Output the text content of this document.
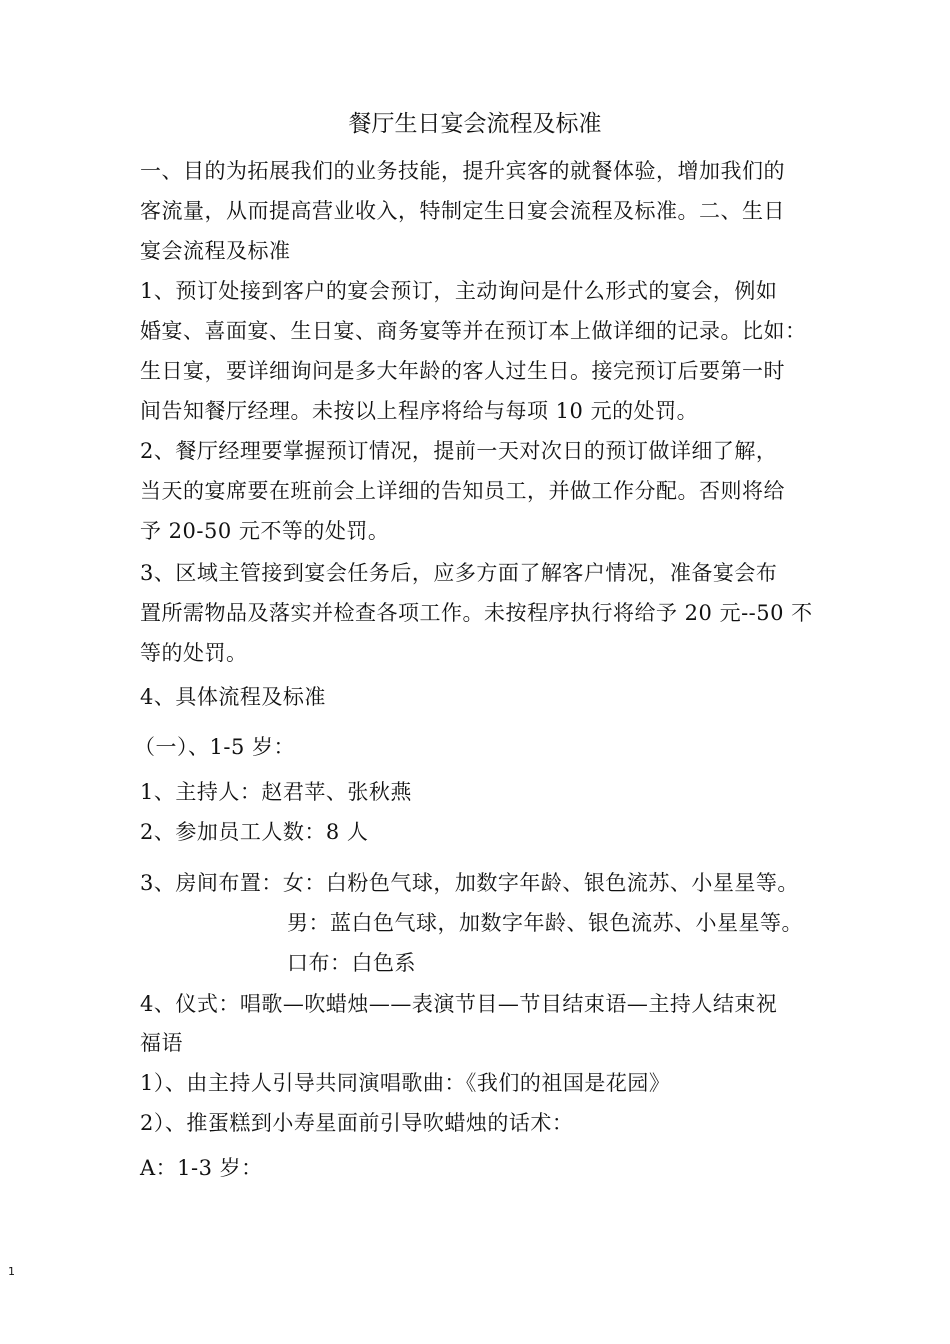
餐厅生日宴会流程及标准
一、目的为拓展我们的业务技能，提升宾客的就餐体验，增加我们的
客流量，从而提高营业收入，特制定生日宴会流程及标准。二、生日
宴会流程及标准
1、预订处接到客户的宴会预订，主动询问是什么形式的宴会，例如
婚宴、喜面宴、生日宴、商务宴等并在预订本上做详细的记录。比如：
生日宴，要详细询问是多大年龄的客人过生日。接完预订后要第一时
间告知餐厅经理。未按以上程序将给与每项 10 元的处罚。
2、餐厅经理要掌握预订情况，提前一天对次日的预订做详细了解，
当天的宴席要在班前会上详细的告知员工，并做工作分配。否则将给
予 20-50 元不等的处罚。
3、区域主管接到宴会任务后，应多方面了解客户情况，准备宴会布
置所需物品及落实并检查各项工作。未按程序执行将给予 20 元--50 不
等的处罚。
4、具体流程及标准
（一）、1-5 岁：
1、主持人：赵君苹、张秋燕
2、参加员工人数：8 人
3、房间布置：女：白粉色气球，加数字年龄、银色流苏、小星星等。
男：蓝白色气球，加数字年龄、银色流苏、小星星等。
口布：白色系
4、仪式：唱歌—吹蜡烛——表演节目—节目结束语—主持人结束祝
福语
1）、由主持人引导共同演唱歌曲：《我们的祖国是花园》
2）、推蛋糕到小寿星面前引导吹蜡烛的话术：
A：1-3 岁：
1
